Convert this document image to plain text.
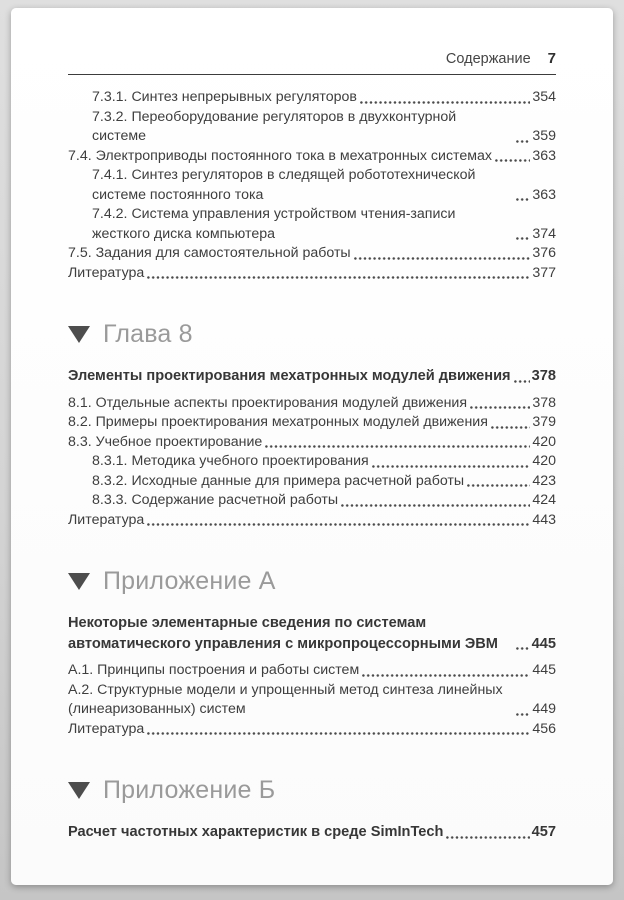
Содержание 7
7.3.1. Синтез непрерывных регуляторов	354
7.3.2. Переоборудование регуляторов в двухконтурной системе	359
7.4. Электроприводы постоянного тока в мехатронных системах	363
7.4.1. Синтез регуляторов в следящей робототехнической системе постоянного тока	363
7.4.2. Система управления устройством чтения-записи жесткого диска компьютера	374
7.5. Задания для самостоятельной работы	376
Литература	377
Глава 8
Элементы проектирования мехатронных модулей движения 378
8.1. Отдельные аспекты проектирования модулей движения	378
8.2. Примеры проектирования мехатронных модулей движения	379
8.3. Учебное проектирование	420
8.3.1. Методика учебного проектирования	420
8.3.2. Исходные данные для примера расчетной работы	423
8.3.3. Содержание расчетной работы	424
Литература	443
Приложение А
Некоторые элементарные сведения по системам автоматического управления с микропроцессорными ЭВМ	445
А.1. Принципы построения и работы систем	445
А.2. Структурные модели и упрощенный метод синтеза линейных (линеаризованных) систем	449
Литература	456
Приложение Б
Расчет частотных характеристик в среде SimInTech	457
